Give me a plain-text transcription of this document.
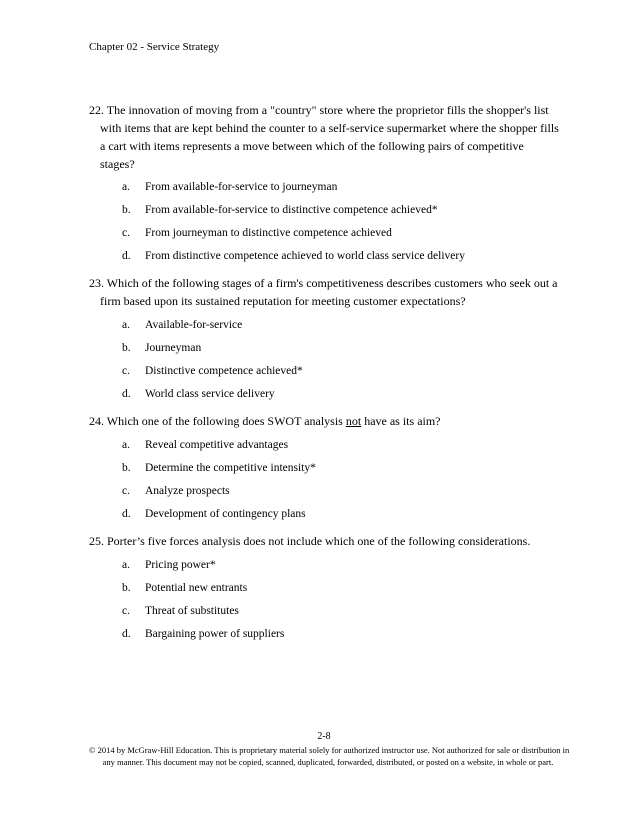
Chapter 02 - Service Strategy
22. The innovation of moving from a "country" store where the proprietor fills the shopper's list with items that are kept behind the counter to a self-service supermarket where the shopper fills a cart with items represents a move between which of the following pairs of competitive stages?
a.	From available-for-service to journeyman
b.	From available-for-service to distinctive competence achieved*
c.	From journeyman to distinctive competence achieved
d.	From distinctive competence achieved to world class service delivery
23. Which of the following stages of a firm's competitiveness describes customers who seek out a firm based upon its sustained reputation for meeting customer expectations?
a.	Available-for-service
b.	Journeyman
c.	Distinctive competence achieved*
d.	World class service delivery
24. Which one of the following does SWOT analysis not have as its aim?
a.	Reveal competitive advantages
b.	Determine the competitive intensity*
c.	Analyze prospects
d.	Development of contingency plans
25. Porter’s five forces analysis does not include which one of the following considerations.
a.	Pricing power*
b.	Potential new entrants
c.	Threat of substitutes
d.	Bargaining power of suppliers
2-8
© 2014 by McGraw-Hill Education. This is proprietary material solely for authorized instructor use. Not authorized for sale or distribution in
any manner. This document may not be copied, scanned, duplicated, forwarded, distributed, or posted on a website, in whole or part.
